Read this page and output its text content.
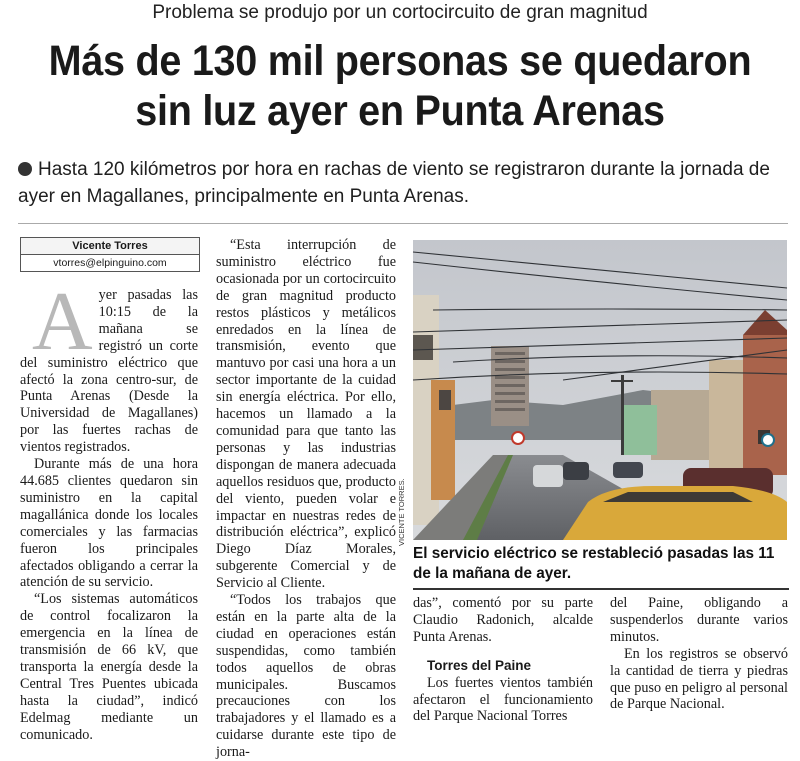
Problema se produjo por un cortocircuito de gran magnitud
Más de 130 mil personas se quedaron
sin luz ayer en Punta Arenas
Hasta 120 kilómetros por hora en rachas de viento se registraron durante la jornada de ayer en Magallanes, principalmente en Punta Arenas.
Vicente Torres
vtorres@elpinguino.com

Ayer pasadas las 10:15 de la mañana se registró un corte del suministro eléctrico que afectó la zona centro-sur, de Punta Arenas (Desde la Universidad de Magallanes) por las fuertes rachas de vientos registrados.

Durante más de una hora 44.685 clientes quedaron sin suministro en la capital magallánica donde los locales comerciales y las farmacias fueron los principales afectados obligando a cerrar la atención de su servicio.

“Los sistemas automáticos de control focalizaron la emergencia en la línea de transmisión de 66 kV, que transporta la energía desde la Central Tres Puentes ubicada hasta la ciudad”, indicó Edelmag mediante un comunicado.

“Esta interrupción de suministro eléctrico fue ocasionada por un cortocircuito de gran magnitud producto restos plásticos y metálicos enredados en la línea de transmisión, evento que mantuvo por casi una hora a un sector importante de la cuidad sin energía eléctrica. Por ello, hacemos un llamado a la comunidad para que tanto las personas y las industrias dispongan de manera adecuada aquellos residuos que, producto del viento, pueden volar e impactar en nuestras redes de distribución eléctrica”, explicó Diego Díaz Morales, subgerente Comercial y de Servicio al Cliente.

“Todos los trabajos que están en la parte alta de la ciudad en operaciones están suspendidas, como también todos aquellos de obras municipales. Buscamos precauciones con los trabajadores y el llamado es a cuidarse durante este tipo de jorna-

VICENTE TORRES.
El servicio eléctrico se restableció pasadas las 11 de la mañana de ayer.

das”, comentó por su parte Claudio Radonich, alcalde Punta Arenas.

Torres del Paine

Los fuertes vientos también afectaron el funcionamiento del Parque Nacional Torres

del Paine, obligando a suspenderlos durante varios minutos.

En los registros se observó la cantidad de tierra y piedras que puso en peligro al personal de Parque Nacional.
